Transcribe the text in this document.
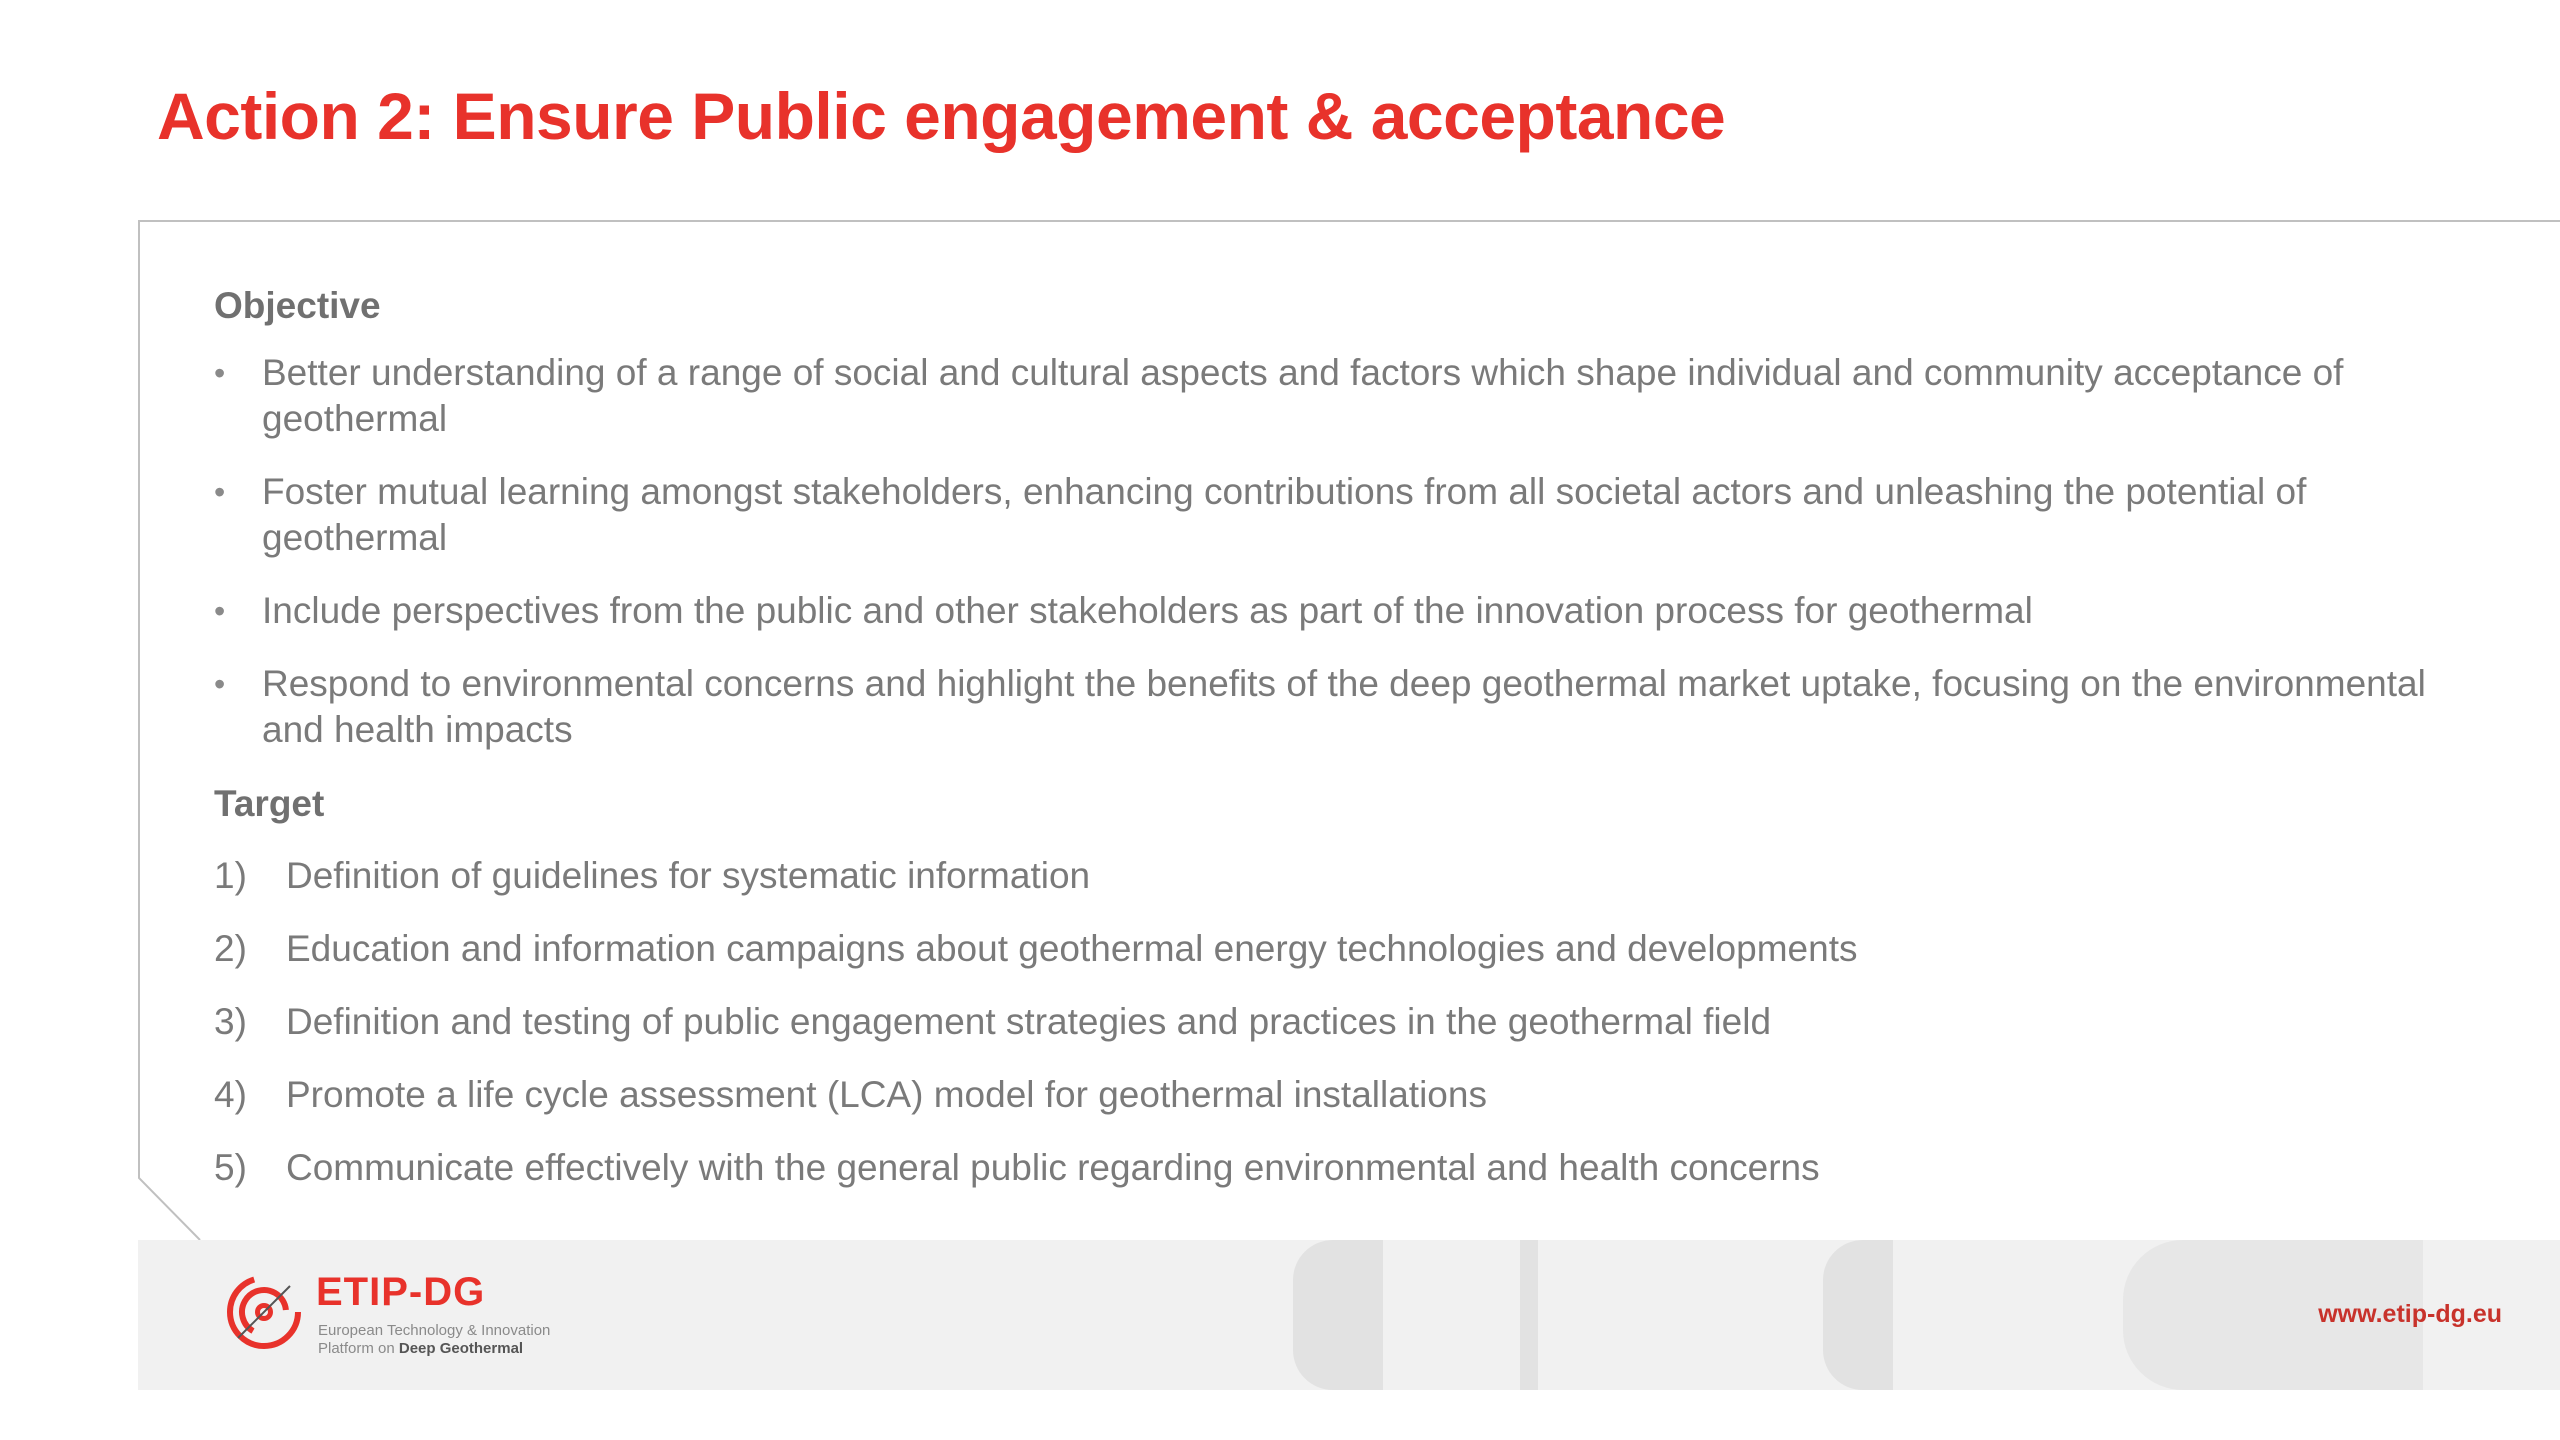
Action 2: Ensure Public engagement & acceptance
Objective
• Better understanding of a range of social and cultural aspects and factors which shape individual and community acceptance of geothermal
• Foster mutual learning amongst stakeholders, enhancing contributions from all societal actors and unleashing the potential of geothermal
• Include perspectives from the public and other stakeholders as part of the innovation process for geothermal
• Respond to environmental concerns and highlight the benefits of the deep geothermal market uptake, focusing on the environmental and health impacts
Target
1) Definition of guidelines for systematic information
2) Education and information campaigns about geothermal energy technologies and developments
3) Definition and testing of public engagement strategies and practices in the geothermal field
4) Promote a life cycle assessment (LCA) model for geothermal installations
5) Communicate effectively with the general public regarding environmental and health concerns
ETIP-DG
European Technology & Innovation
Platform on Deep Geothermal
www.etip-dg.eu
